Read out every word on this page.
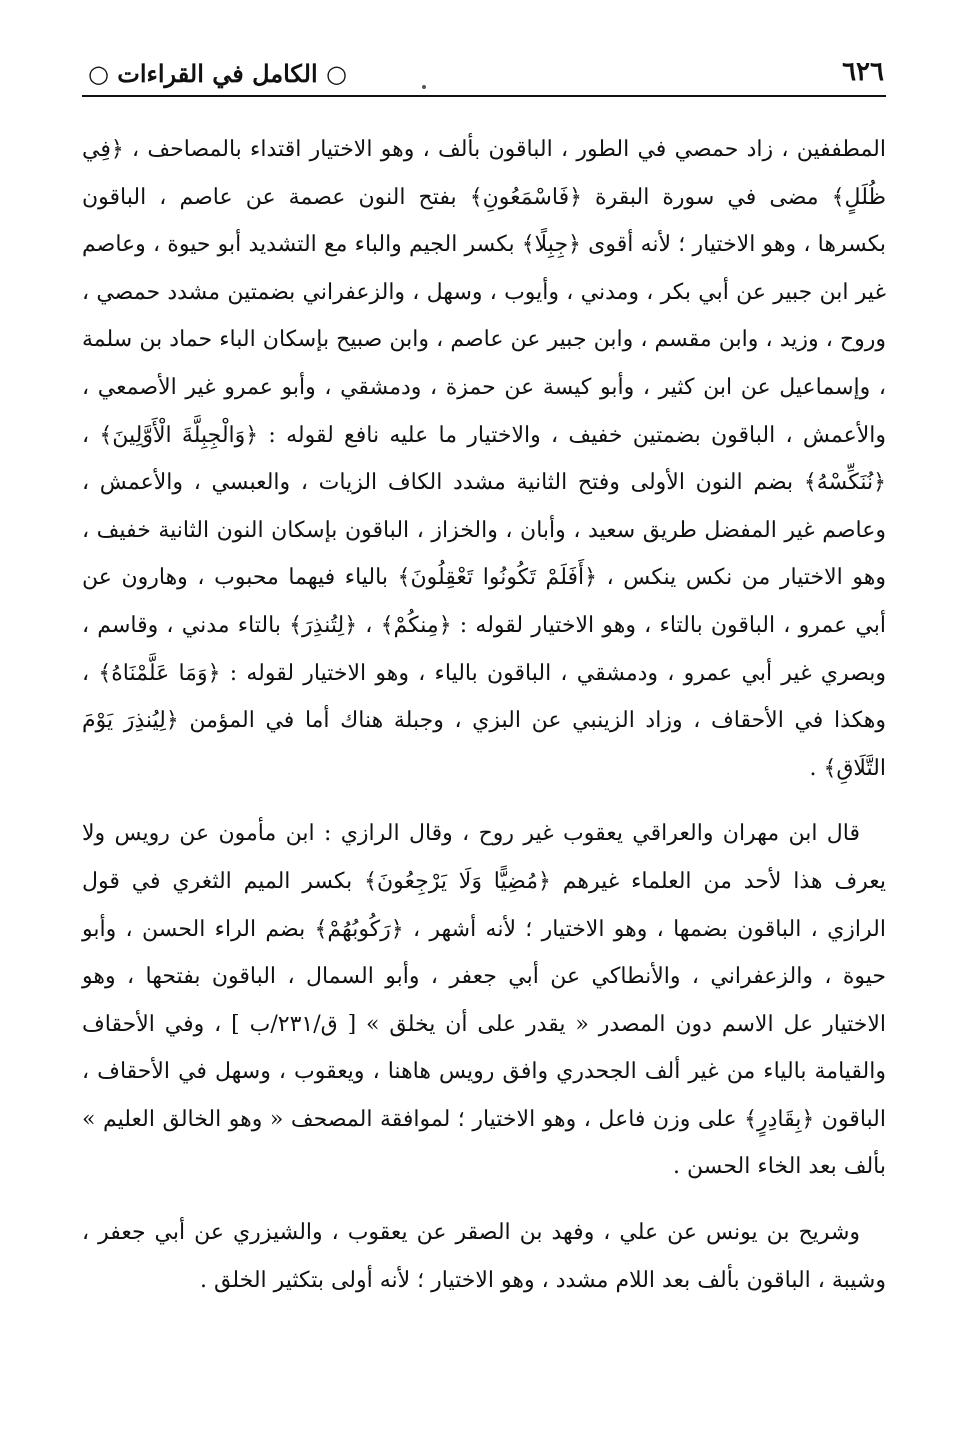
○ الكامل في القراءات ○	٦٢٦

المطففين ، زاد حمصي في الطور ، الباقون بألف ، وهو الاختيار اقتداء بالمصاحف ، ﴿فِي ظُلَلٍ﴾ مضى في سورة البقرة ﴿فَاسْمَعُونِ﴾ بفتح النون عصمة عن عاصم ، الباقون بكسرها ، وهو الاختيار ؛ لأنه أقوى ﴿جِبِلًا﴾ بكسر الجيم والباء مع التشديد أبو حيوة ، وعاصم غير ابن جبير عن أبي بكر ، ومدني ، وأيوب ، وسهل ، والزعفراني بضمتين مشدد حمصي ، وروح ، وزيد ، وابن مقسم ، وابن جبير عن عاصم ، وابن صبيح بإسكان الباء حماد بن سلمة ، وإسماعيل عن ابن كثير ، وأبو كيسة عن حمزة ، ودمشقي ، وأبو عمرو غير الأصمعي ، والأعمش ، الباقون بضمتين خفيف ، والاختيار ما عليه نافع لقوله : ﴿وَالْجِبِلَّةَ الْأَوَّلِينَ﴾ ، ﴿نُنَكِّسْهُ﴾ بضم النون الأولى وفتح الثانية مشدد الكاف الزيات ، والعبسي ، والأعمش ، وعاصم غير المفضل طريق سعيد ، وأبان ، والخزاز ، الباقون بإسكان النون الثانية خفيف ، وهو الاختيار من نكس ينكس ، ﴿أَفَلَمْ تَكُونُوا تَعْقِلُونَ﴾ بالياء فيهما محبوب ، وهارون عن أبي عمرو ، الباقون بالتاء ، وهو الاختيار لقوله : ﴿مِنكُمْ﴾ ، ﴿لِتُنذِرَ﴾ بالتاء مدني ، وقاسم ، وبصري غير أبي عمرو ، ودمشقي ، الباقون بالياء ، وهو الاختيار لقوله : ﴿وَمَا عَلَّمْنَاهُ﴾ ، وهكذا في الأحقاف ، وزاد الزينبي عن البزي ، وجبلة هناك أما في المؤمن ﴿لِيُنذِرَ يَوْمَ التَّلَاقِ﴾ .

قال ابن مهران والعراقي يعقوب غير روح ، وقال الرازي : ابن مأمون عن رويس ولا يعرف هذا لأحد من العلماء غيرهم ﴿مُضِيًّا وَلَا يَرْجِعُونَ﴾ بكسر الميم الثغري في قول الرازي ، الباقون بضمها ، وهو الاختيار ؛ لأنه أشهر ، ﴿رَكُوبُهُمْ﴾ بضم الراء الحسن ، وأبو حيوة ، والزعفراني ، والأنطاكي عن أبي جعفر ، وأبو السمال ، الباقون بفتحها ، وهو الاختيار عل الاسم دون المصدر « يقدر على أن يخلق » [ ق/٢٣١/ب ] ، وفي الأحقاف والقيامة بالياء من غير ألف الجحدري وافق رويس هاهنا ، ويعقوب ، وسهل في الأحقاف ، الباقون ﴿بِقَادِرٍ﴾ على وزن فاعل ، وهو الاختيار ؛ لموافقة المصحف « وهو الخالق العليم » بألف بعد الخاء الحسن .

وشريح بن يونس عن علي ، وفهد بن الصقر عن يعقوب ، والشيزري عن أبي جعفر ، وشيبة ، الباقون بألف بعد اللام مشدد ، وهو الاختيار ؛ لأنه أولى بتكثير الخلق .
